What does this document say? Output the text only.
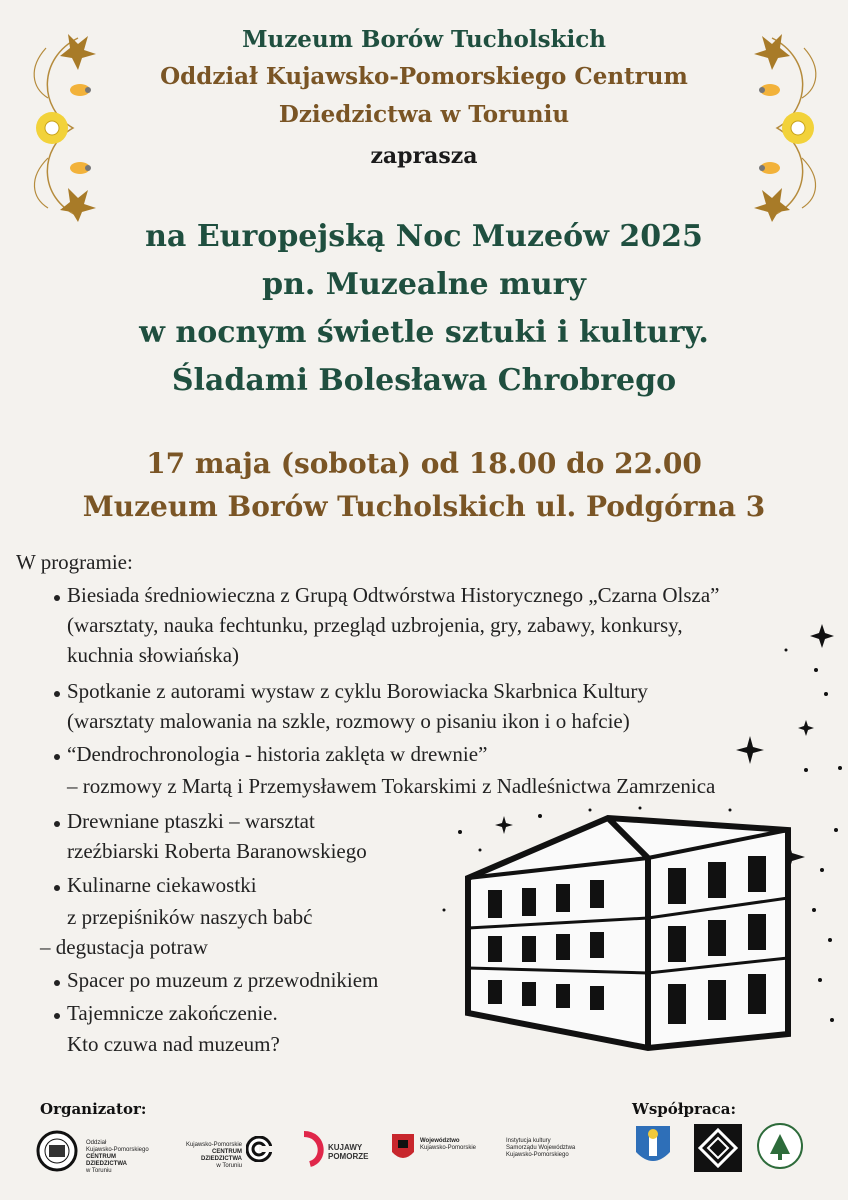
Muzeum Borów Tucholskich
Oddział Kujawsko-Pomorskiego Centrum
Dziedzictwa w Toruniu
zaprasza
na Europejską Noc Muzeów 2025
pn. Muzealne mury
w nocnym świetle sztuki i kultury.
Śladami Bolesława Chrobrego
17 maja (sobota) od 18.00 do 22.00
Muzeum Borów Tucholskich ul. Podgórna 3
W programie:
Biesiada średniowieczna z Grupą Odtwórstwa Historycznego „Czarna Olsza”
(warsztaty, nauka fechtunku, przegląd uzbrojenia, gry, zabawy, konkursy,
kuchnia słowiańska)
Spotkanie z autorami wystaw z cyklu Borowiacka Skarbnica Kultury
(warsztaty malowania na szkle, rozmowy o pisaniu ikon i o hafcie)
“Dendrochronologia - historia zaklęta w drewnie”
– rozmowy z Martą i Przemysławem Tokarskimi z Nadleśnictwa Zamrzenica
Drewniane ptaszki – warsztat
rzeźbiarski Roberta Baranowskiego
Kulinarne ciekawostki
z przepiśników naszych babć
– degustacja potraw
Spacer po muzeum z przewodnikiem
Tajemnicze zakończenie.
Kto czuwa nad muzeum?
Organizator:	Współpraca:
Oddział
Kujawsko-Pomorskiego
CENTRUM DZIEDZICTWA
w Toruniu
Kujawsko-Pomorskie
CENTRUM DZIEDZICTWA
w Toruniu
KUJAWY
POMORZE
Województwo
Kujawsko-Pomorskie
Instytucja kultury
Samorządu Województwa
Kujawsko-Pomorskiego
